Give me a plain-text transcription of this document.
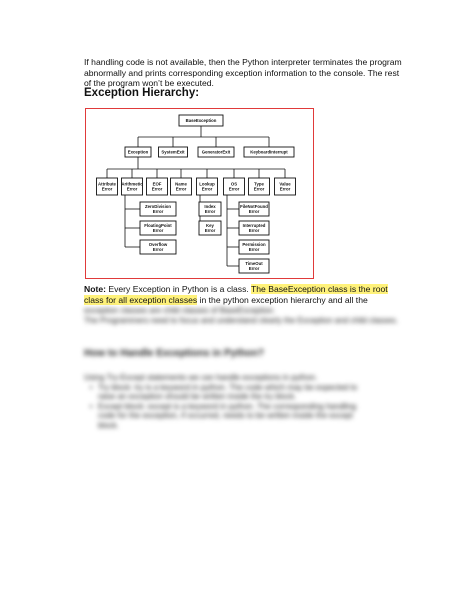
If handling code is not available, then the Python interpreter terminates the program
abnormally and prints corresponding exception information to the console. The rest
of the program won’t be executed.

Exception Hierarchy:
ZeroDivision
Error
FloatingPoint
Error
Overflow
Error
Index
Error
Key
Error
FileNotFound
Error
Interrupted
Error
Permission
Error
TimeOut
Error
BaseException
Exception	SystemExit	GeneratorExit	KeyboardInterrupt
Attribute
Error
Arithmetic
Error
EOF
Error
Name
Error
Lookup
Error
OS
Error
Type
Error
Value
Error

Note: Every Exception in Python is a class. The BaseException class is the root
class for all exception classes in the python exception hierarchy and all the

exception classes are child classes of BaseException.

The Programmers need to focus and understand clearly the Exception and child classes.

How to Handle Exceptions in Python?

Using Try-Except statements we can handle exceptions in python.

• Try block: try is a keyword in python. The code which may be expected to
raise an exception should be written inside the try block.
• Except block: except is a keyword in python. The corresponding handling
code for the exception, if occurred, needs to be written inside the except
block.
